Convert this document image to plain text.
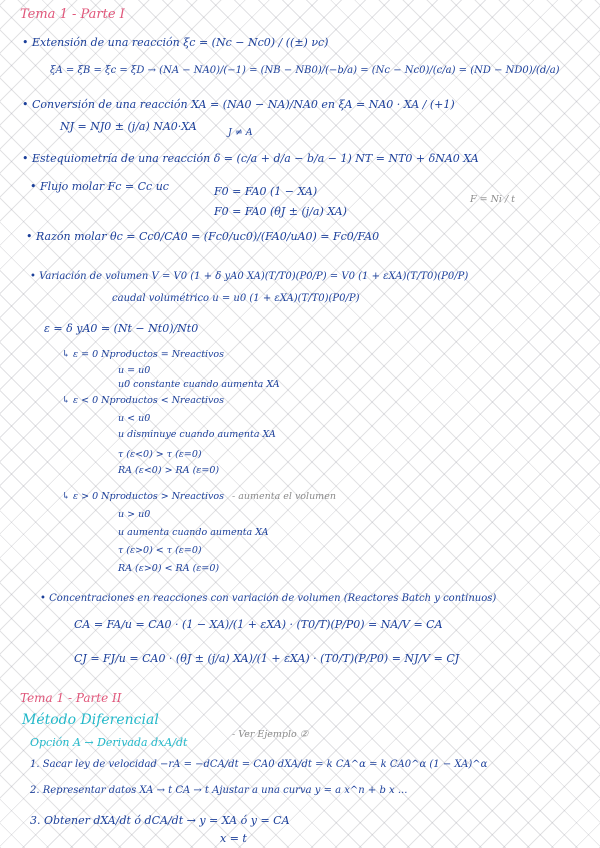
Tema 1 - Parte I
• Extensión de una reacción ξc = (Nc − Nc0) / ((±) νc)
ξA = ξB = ξc = ξD → (NA − NA0)/(−1) = (NB − NB0)/(−b/a) = (Nc − Nc0)/(c/a) = (ND − ND0)/(d/a)
• Conversión de una reacción XA = (NA0 − NA)/NA0 en ξA = NA0 · XA / (+1)
NJ = NJ0 ± (j/a) NA0·XA	J ≠ A
• Estequiometría de una reacción δ = (c/a + d/a − b/a − 1) NT = NT0 + δNA0 XA
• Flujo molar Fc = Cc uc	F0 = FA0 (1 − XA)
F0 = FA0 (θJ ± (j/a) XA)
F = Ni / t
• Razón molar θc = Cc0/CA0 = (Fc0/uc0)/(FA0/uA0) = Fc0/FA0
• Variación de volumen V = V0 (1 + δ yA0 XA)(T/T0)(P0/P) = V0 (1 + εXA)(T/T0)(P0/P)
caudal volumétrico u = u0 (1 + εXA)(T/T0)(P0/P)
ε = δ yA0 = (Nt − Nt0)/Nt0
↳ ε = 0 Nproductos = Nreactivos
u = u0
u0 constante cuando aumenta XA
↳ ε < 0 Nproductos < Nreactivos
u < u0
u disminuye cuando aumenta XA
τ (ε<0) > τ (ε=0)
RA (ε<0) > RA (ε=0)
↳ ε > 0 Nproductos > Nreactivos - aumenta el volumen
u > u0
u aumenta cuando aumenta XA
τ (ε>0) < τ (ε=0)
RA (ε>0) < RA (ε=0)
• Concentraciones en reacciones con variación de volumen (Reactores Batch y continuos)
CA = FA/u = CA0 · (1 − XA)/(1 + εXA) · (T0/T)(P/P0) = NA/V = CA
CJ = FJ/u = CA0 · (θJ ± (j/a) XA)/(1 + εXA) · (T0/T)(P/P0) = NJ/V = CJ
Tema 1 - Parte II
Método Diferencial
Opción A → Derivada dxA/dt
- Ver Ejemplo ②
1. Sacar ley de velocidad −rA = −dCA/dt = CA0 dXA/dt = k CA^α = k CA0^α (1 − XA)^α
2. Representar datos XA → t CA → t Ajustar a una curva y = a x^n + b x ...
3. Obtener dXA/dt ó dCA/dt → y = XA ó y = CA
x = t
